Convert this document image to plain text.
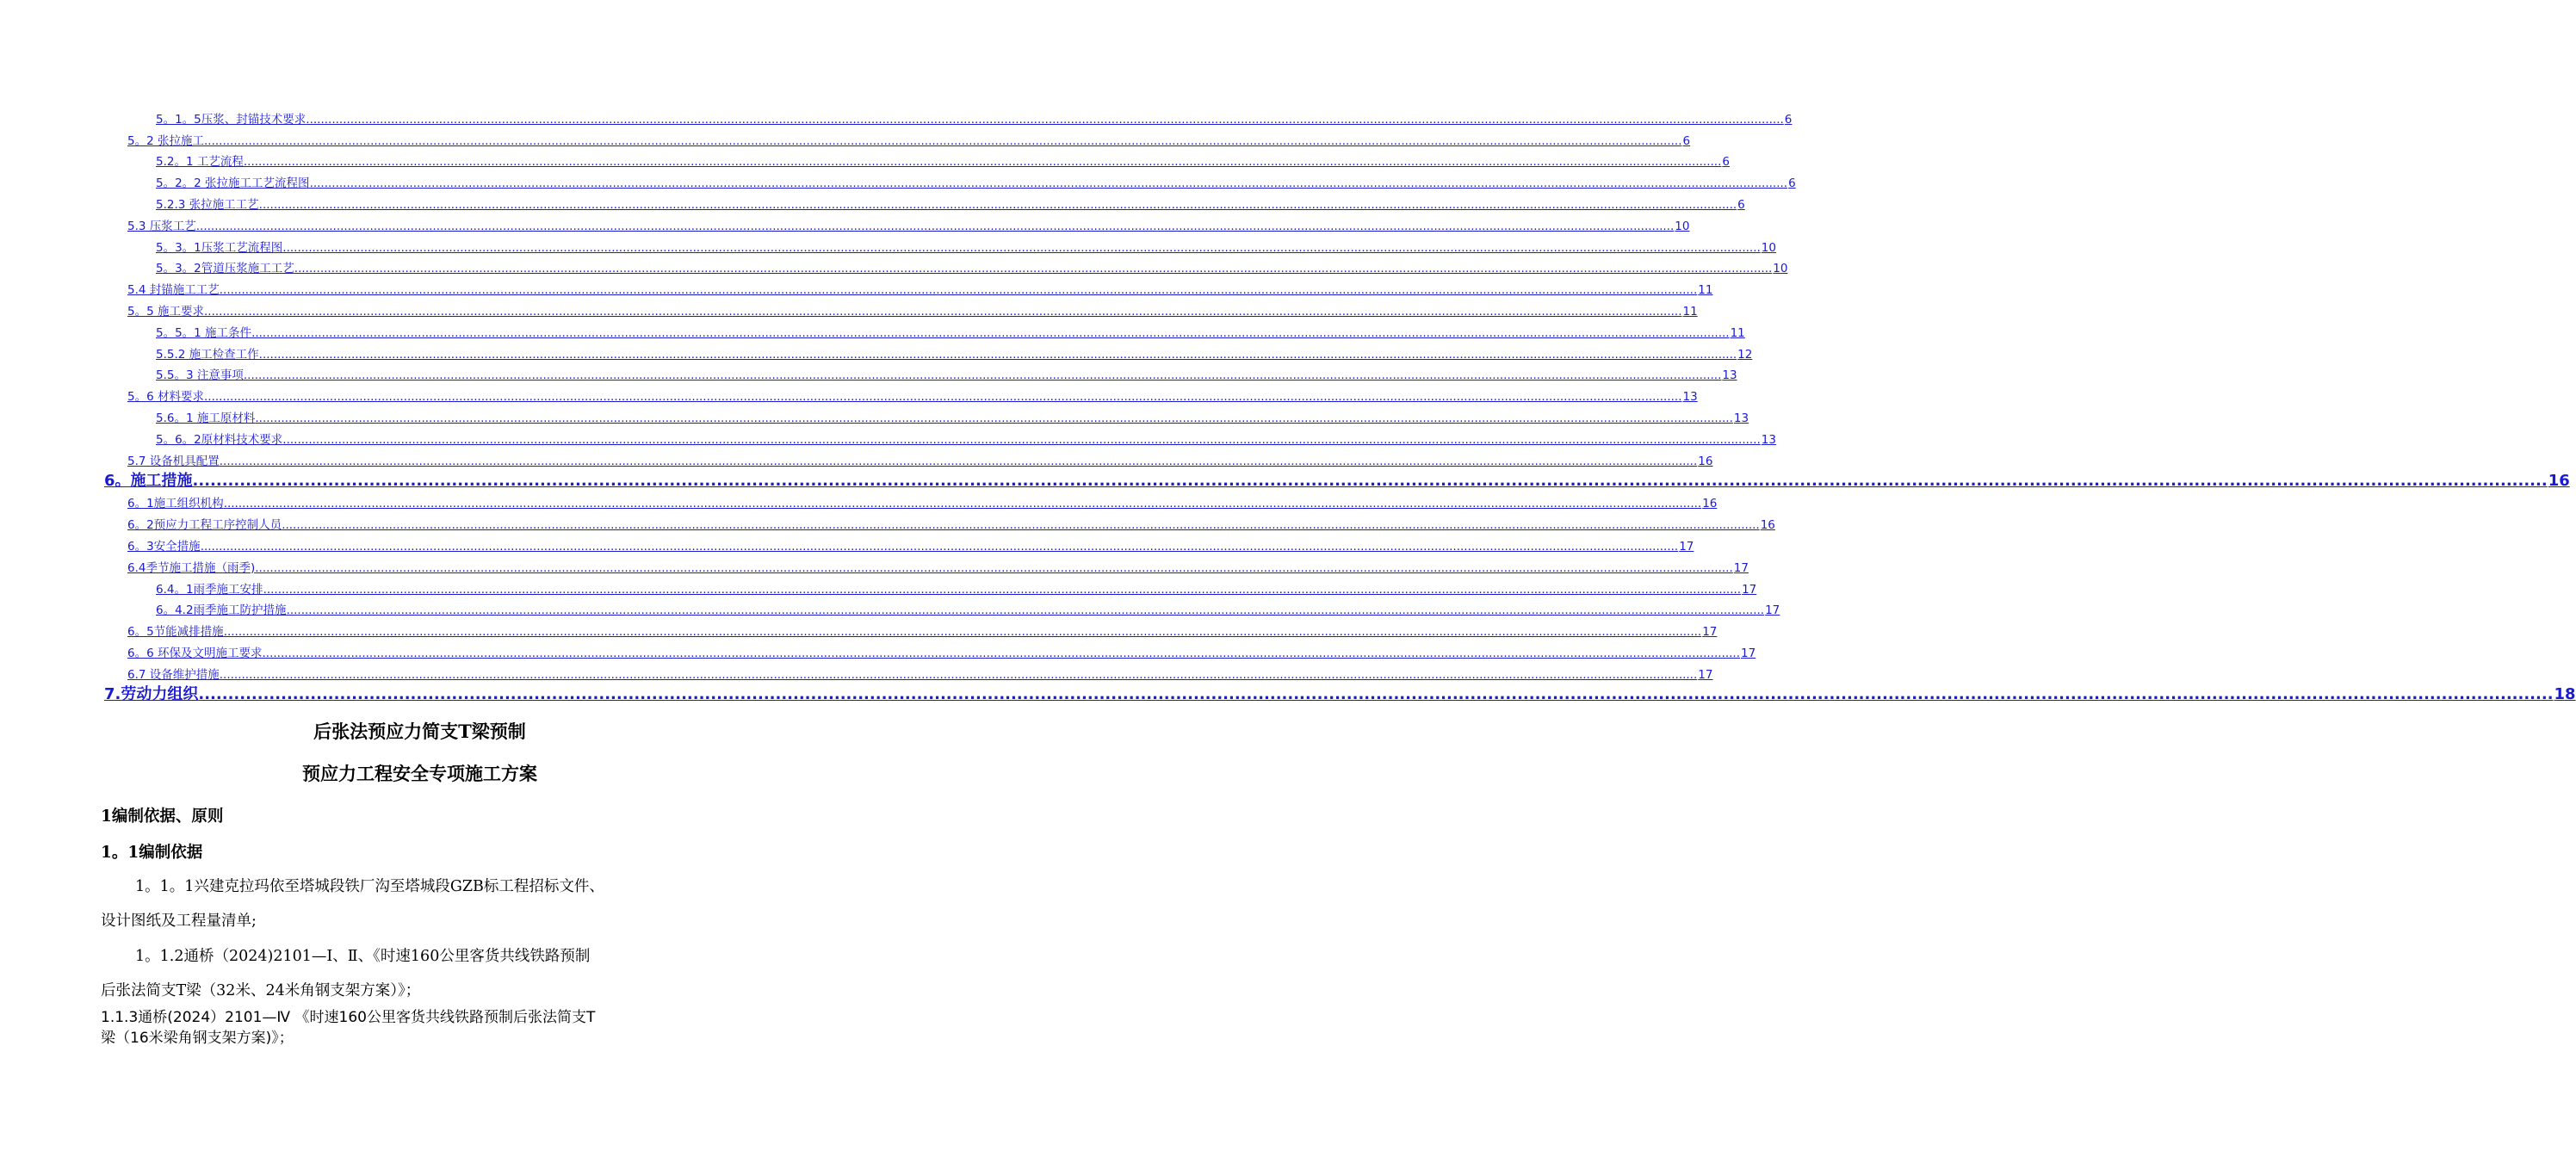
5。1。5压浆、封锚技术要求 ................................................................................................................................................................................................................................................................................................................................................................................................................ 6
5。2 张拉施工 ................................................................................................................................................................................................................................................................................................................................................................................................................ 6
5.2。1 工艺流程 ................................................................................................................................................................................................................................................................................................................................................................................................................ 6
5。2。2 张拉施工工艺流程图 ................................................................................................................................................................................................................................................................................................................................................................................................................ 6
5.2.3 张拉施工工艺 ................................................................................................................................................................................................................................................................................................................................................................................................................ 6
5.3 压浆工艺 ................................................................................................................................................................................................................................................................................................................................................................................................................ 10
5。3。1压浆工艺流程图 ................................................................................................................................................................................................................................................................................................................................................................................................................ 10
5。3。2管道压浆施工工艺 ................................................................................................................................................................................................................................................................................................................................................................................................................ 10
5.4 封锚施工工艺 ................................................................................................................................................................................................................................................................................................................................................................................................................ 11
5。5 施工要求 ................................................................................................................................................................................................................................................................................................................................................................................................................ 11
5。5。1 施工条件 ................................................................................................................................................................................................................................................................................................................................................................................................................ 11
5.5.2 施工检查工作 ................................................................................................................................................................................................................................................................................................................................................................................................................ 12
5.5。3 注意事项 ................................................................................................................................................................................................................................................................................................................................................................................................................ 13
5。6 材料要求 ................................................................................................................................................................................................................................................................................................................................................................................................................ 13
5.6。1 施工原材料 ................................................................................................................................................................................................................................................................................................................................................................................................................ 13
5。6。2原材料技术要求 ................................................................................................................................................................................................................................................................................................................................................................................................................ 13
5.7 设备机具配置 ................................................................................................................................................................................................................................................................................................................................................................................................................ 16
6。施工措施 ................................................................................................................................................................................................................................................................................................................................................................................................................ 16
6。1施工组织机构 ................................................................................................................................................................................................................................................................................................................................................................................................................ 16
6。2预应力工程工序控制人员 ................................................................................................................................................................................................................................................................................................................................................................................................................ 16
6。3安全措施 ................................................................................................................................................................................................................................................................................................................................................................................................................ 17
6.4季节施工措施（雨季) ................................................................................................................................................................................................................................................................................................................................................................................................................ 17
6.4。1雨季施工安排 ................................................................................................................................................................................................................................................................................................................................................................................................................ 17
6。4.2雨季施工防护措施 ................................................................................................................................................................................................................................................................................................................................................................................................................ 17
6。5节能减排措施 ................................................................................................................................................................................................................................................................................................................................................................................................................ 17
6。6 环保及文明施工要求 ................................................................................................................................................................................................................................................................................................................................................................................................................ 17
6.7 设备维护措施 ................................................................................................................................................................................................................................................................................................................................................................................................................ 17
7.劳动力组织 ................................................................................................................................................................................................................................................................................................................................................................................................................ 18
后张法预应力简支T梁预制
预应力工程安全专项施工方案
1编制依据、原则
1。1编制依据
1。1。1兴建克拉玛依至塔城段铁厂沟至塔城段GZB标工程招标文件、
设计图纸及工程量清单;
1。1.2通桥（2024)2101—Ⅰ、Ⅱ、《时速160公里客货共线铁路预制
后张法简支T梁（32米、24米角钢支架方案）》；
1.1.3通桥(2024）2101—Ⅳ 《时速160公里客货共线铁路预制后张法简支T
梁（16米梁角钢支架方案)》；
